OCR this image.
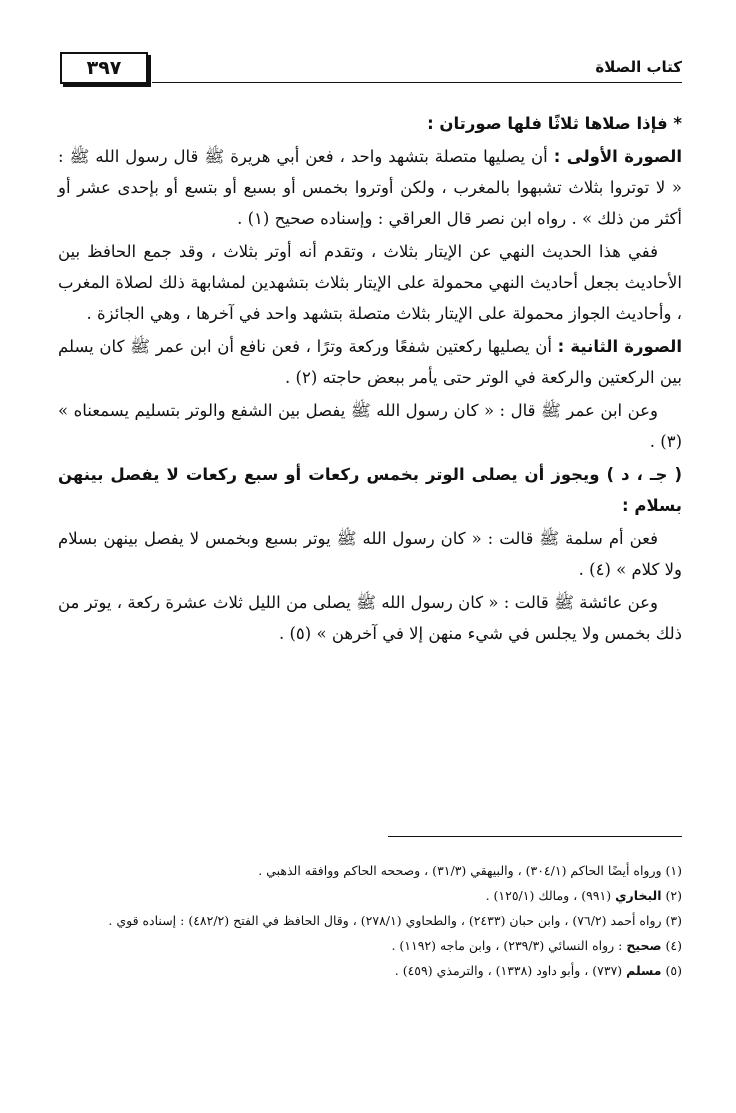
٣٩٧	كتاب الصلاة

* فإذا صلاها ثلاثًا فلها صورتان :

الصورة الأولى : أن يصليها متصلة بتشهد واحد ، فعن أبي هريرة ﷺ قال رسول الله ﷺ : « لا توتروا بثلاث تشبهوا بالمغرب ، ولكن أوتروا بخمس أو بسبع أو بتسع أو بإحدى عشر أو أكثر من ذلك » . رواه ابن نصر قال العراقي : وإسناده صحيح (١) .

ففي هذا الحديث النهي عن الإيتار بثلاث ، وتقدم أنه أوتر بثلاث ، وقد جمع الحافظ بين الأحاديث بجعل أحاديث النهي محمولة على الإيتار بثلاث بتشهدين لمشابهة ذلك لصلاة المغرب ، وأحاديث الجواز محمولة على الإيتار بثلاث متصلة بتشهد واحد في آخرها ، وهي الجائزة .

الصورة الثانية : أن يصليها ركعتين شفعًا وركعة وترًا ، فعن نافع أن ابن عمر ﷺ كان يسلم بين الركعتين والركعة في الوتر حتى يأمر ببعض حاجته (٢) .

وعن ابن عمر ﷺ قال : « كان رسول الله ﷺ يفصل بين الشفع والوتر بتسليم يسمعناه » (٣) .

( جـ ، د ) ويجوز أن يصلى الوتر بخمس ركعات أو سبع ركعات لا يفصل بينهن بسلام :

فعن أم سلمة ﷺ قالت : « كان رسول الله ﷺ يوتر بسبع وبخمس لا يفصل بينهن بسلام ولا كلام » (٤) .

وعن عائشة ﷺ قالت : « كان رسول الله ﷺ يصلى من الليل ثلاث عشرة ركعة ، يوتر من ذلك بخمس ولا يجلس في شيء منهن إلا في آخرهن » (٥) .

(١) ورواه أيضًا الحاكم (٣٠٤/١) ، والبيهقي (٣١/٣) ، وصححه الحاكم ووافقه الذهبي .

(٢) البخاري (٩٩١) ، ومالك (١٢٥/١) .

(٣) رواه أحمد (٧٦/٢) ، وابن حبان (٢٤٣٣) ، والطحاوي (٢٧٨/١) ، وقال الحافظ في الفتح (٤٨٢/٢) : إسناده قوي .

(٤) صحيح : رواه النسائي (٢٣٩/٣) ، وابن ماجه (١١٩٢) .

(٥) مسلم (٧٣٧) ، وأبو داود (١٣٣٨) ، والترمذي (٤٥٩) .
